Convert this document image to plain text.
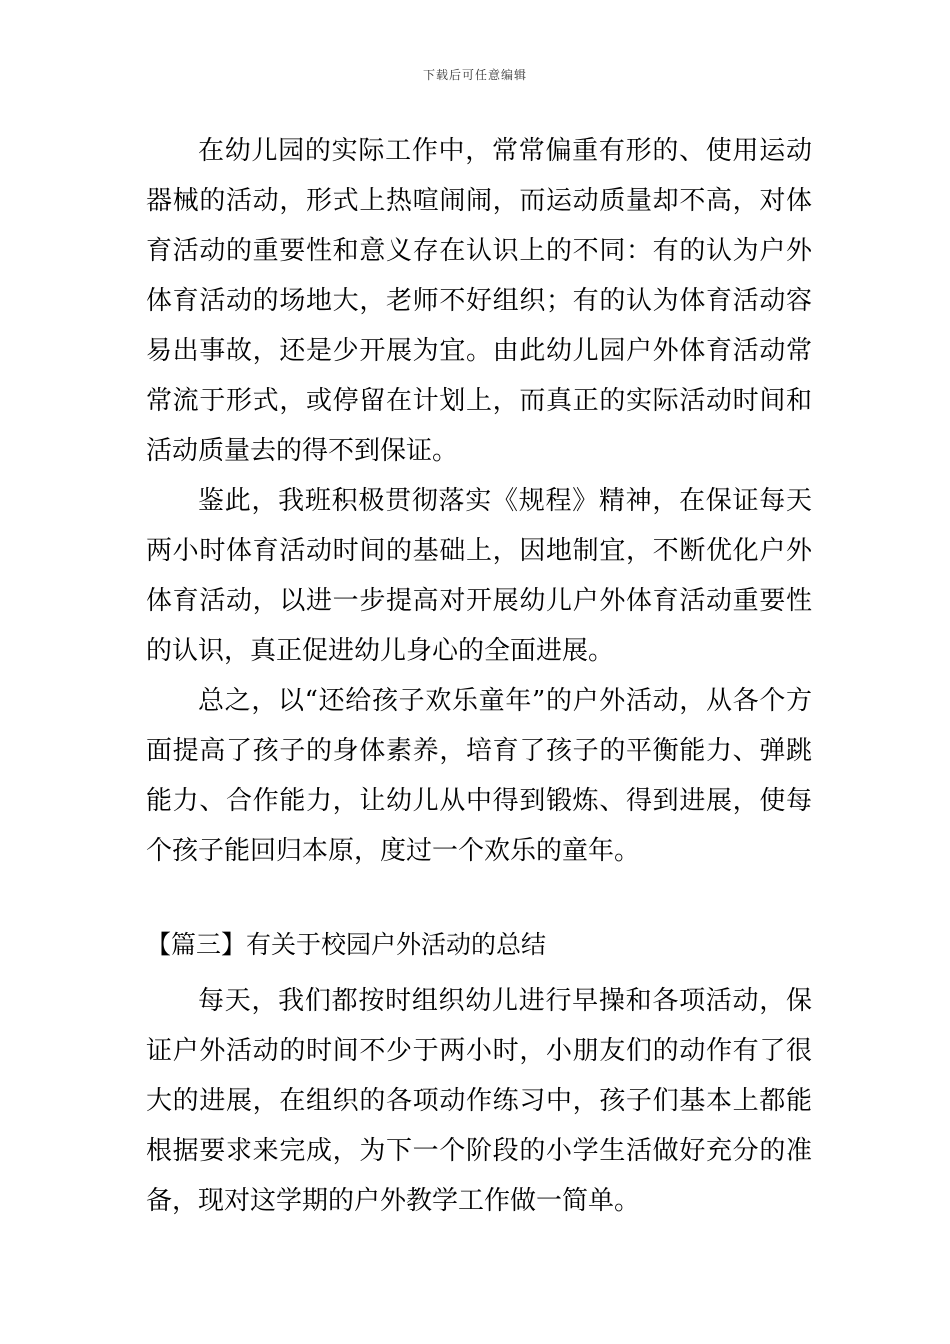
下载后可任意编辑

在幼儿园的实际工作中，常常偏重有形的、使用运动器械的活动，形式上热喧闹闹，而运动质量却不高，对体育活动的重要性和意义存在认识上的不同：有的认为户外体育活动的场地大，老师不好组织；有的认为体育活动容易出事故，还是少开展为宜。由此幼儿园户外体育活动常常流于形式，或停留在计划上，而真正的实际活动时间和活动质量去的得不到保证。

鉴此，我班积极贯彻落实《规程》精神，在保证每天两小时体育活动时间的基础上，因地制宜，不断优化户外体育活动，以进一步提高对开展幼儿户外体育活动重要性的认识，真正促进幼儿身心的全面进展。

总之，以“还给孩子欢乐童年”的户外活动，从各个方面提高了孩子的身体素养，培育了孩子的平衡能力、弹跳能力、合作能力，让幼儿从中得到锻炼、得到进展，使每个孩子能回归本原，度过一个欢乐的童年。

【篇三】有关于校园户外活动的总结

每天，我们都按时组织幼儿进行早操和各项活动，保证户外活动的时间不少于两小时，小朋友们的动作有了很大的进展，在组织的各项动作练习中，孩子们基本上都能根据要求来完成，为下一个阶段的小学生活做好充分的准备，现对这学期的户外教学工作做一简单。
